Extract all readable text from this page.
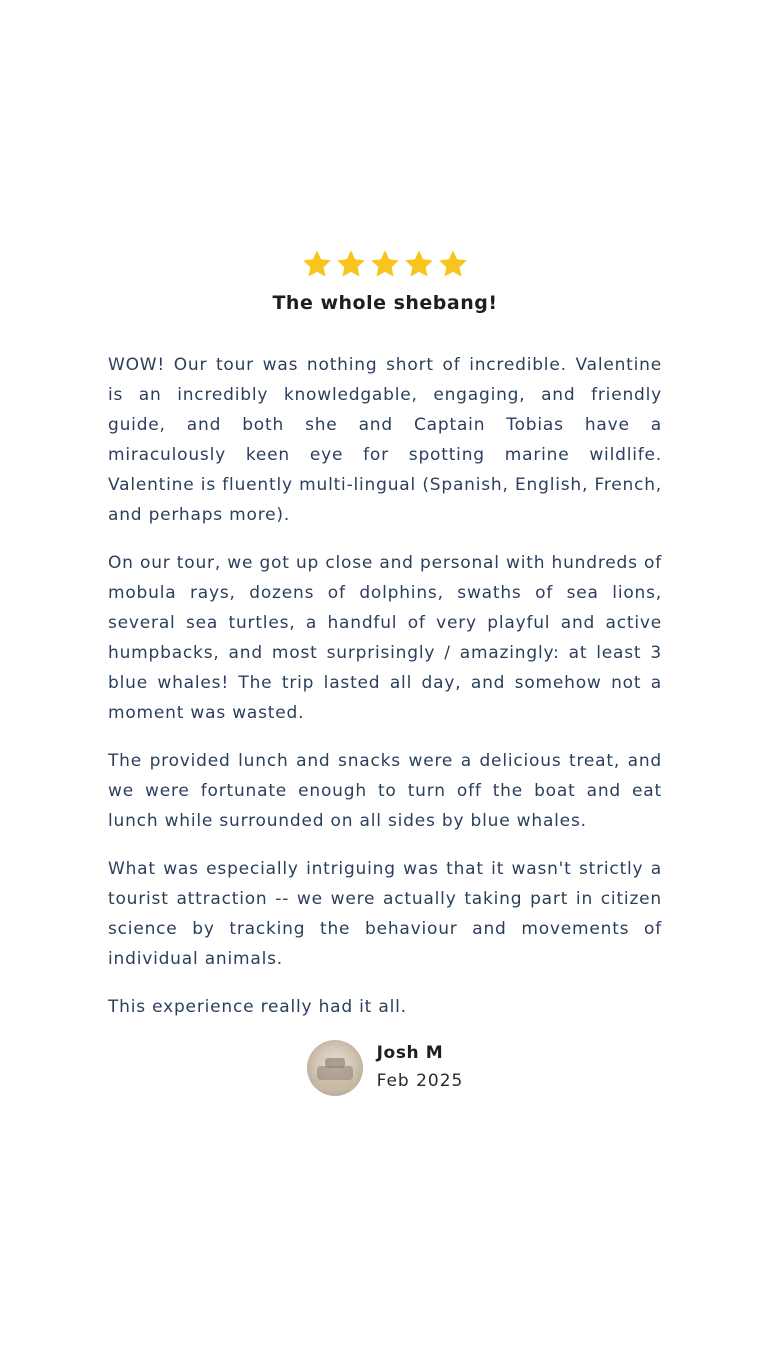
The whole shebang!

WOW! Our tour was nothing short of incredible. Valentine is an incredibly knowledgable, engaging, and friendly guide, and both she and Captain Tobias have a miraculously keen eye for spotting marine wildlife. Valentine is fluently multi-lingual (Spanish, English, French, and perhaps more).

On our tour, we got up close and personal with hundreds of mobula rays, dozens of dolphins, swaths of sea lions, several sea turtles, a handful of very playful and active humpbacks, and most surprisingly / amazingly: at least 3 blue whales! The trip lasted all day, and somehow not a moment was wasted.

The provided lunch and snacks were a delicious treat, and we were fortunate enough to turn off the boat and eat lunch while surrounded on all sides by blue whales.

What was especially intriguing was that it wasn't strictly a tourist attraction -- we were actually taking part in citizen science by tracking the behaviour and movements of individual animals.

This experience really had it all.

Josh M
Feb 2025
